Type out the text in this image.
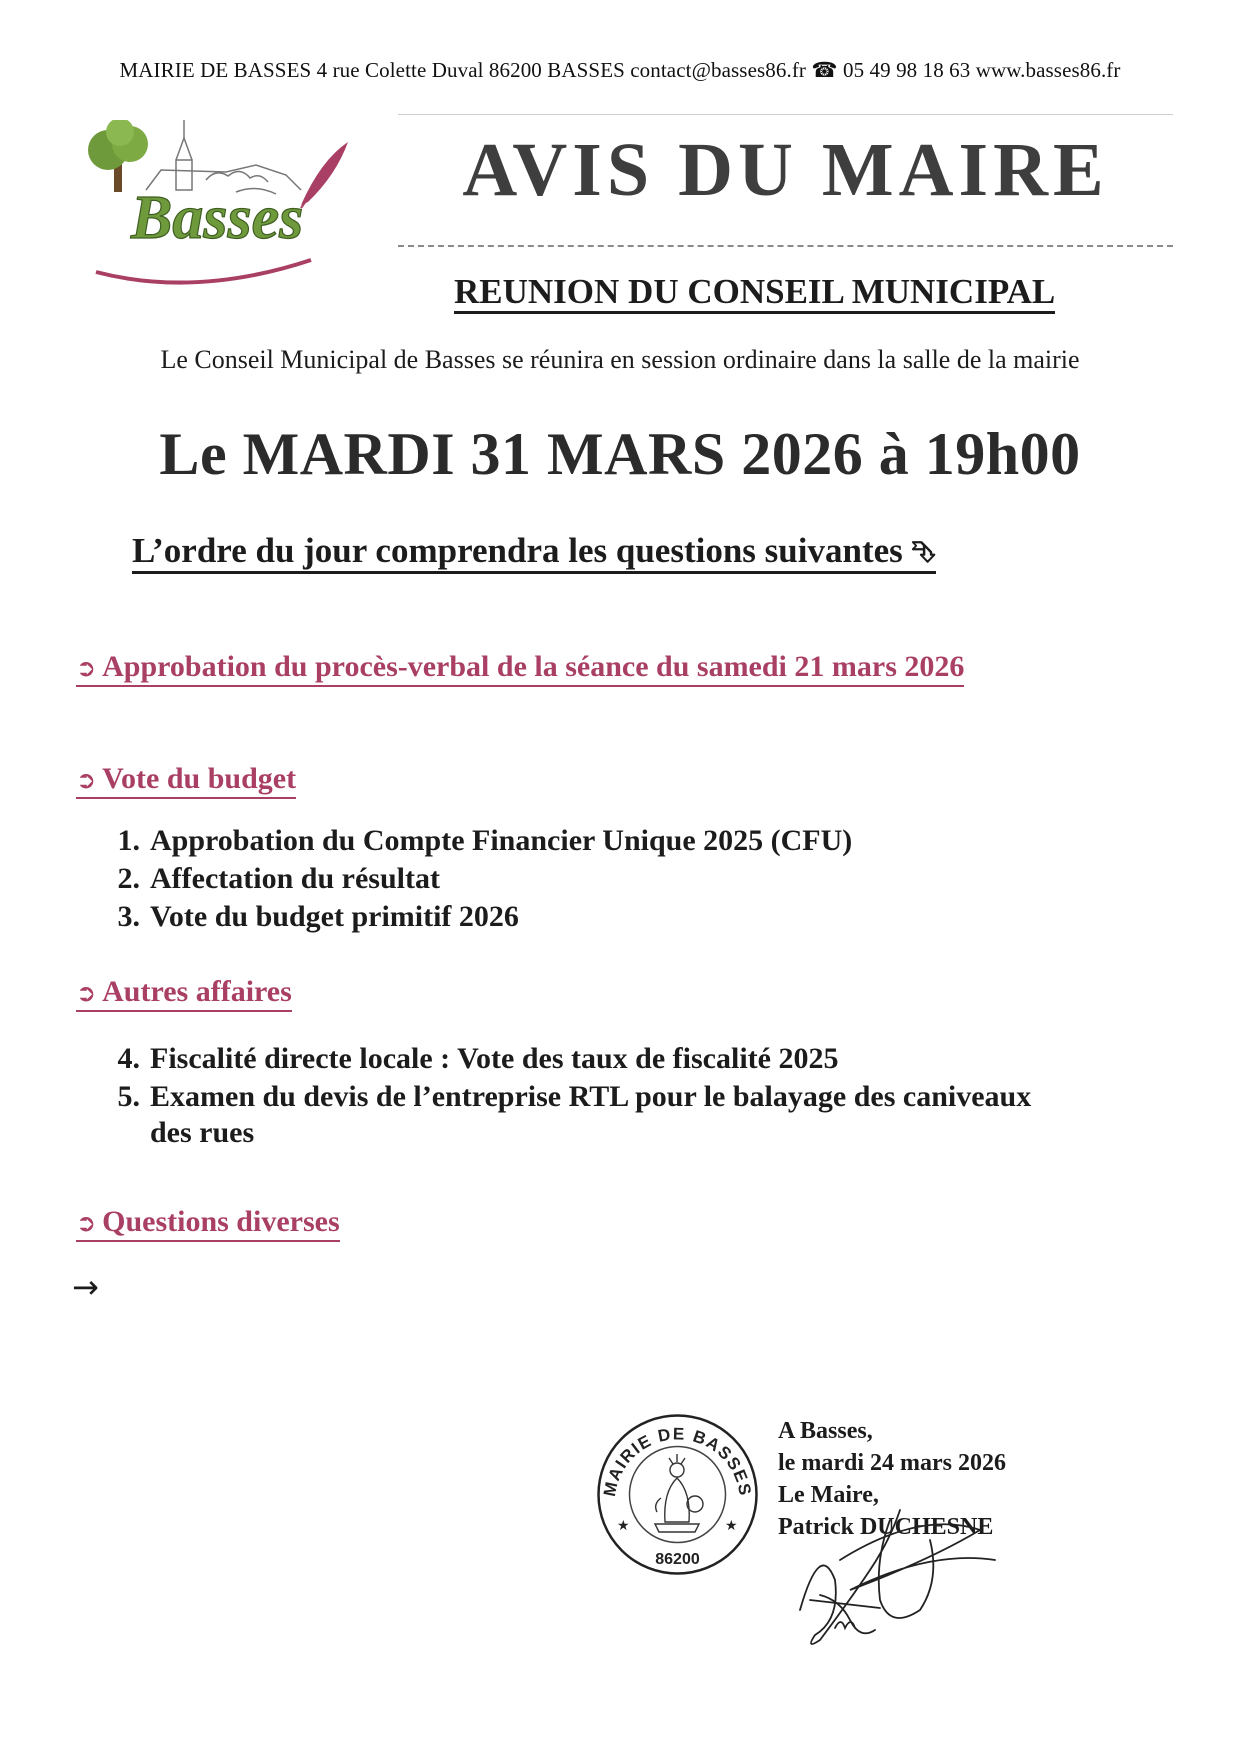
MAIRIE DE BASSES 4 rue Colette Duval 86200 BASSES contact@basses86.fr ☎ 05 49 98 18 63 www.basses86.fr
Basses
AVIS DU MAIRE
REUNION DU CONSEIL MUNICIPAL
Le Conseil Municipal de Basses se réunira en session ordinaire dans la salle de la mairie
Le MARDI 31 MARS 2026 à 19h00
L’ordre du jour comprendra les questions suivantes ⮷
➲ Approbation du procès-verbal de la séance du samedi 21 mars 2026
➲ Vote du budget
1. Approbation du Compte Financier Unique 2025 (CFU)
2. Affectation du résultat
3. Vote du budget primitif 2026
➲ Autres affaires
4. Fiscalité directe locale : Vote des taux de fiscalité 2025
5. Examen du devis de l’entreprise RTL pour le balayage des caniveaux
des rues
➲ Questions diverses
→
MAIRIE DE BASSES
86200
★	★
A Basses,
le mardi 24 mars 2026
Le Maire,
Patrick DUCHESNE
